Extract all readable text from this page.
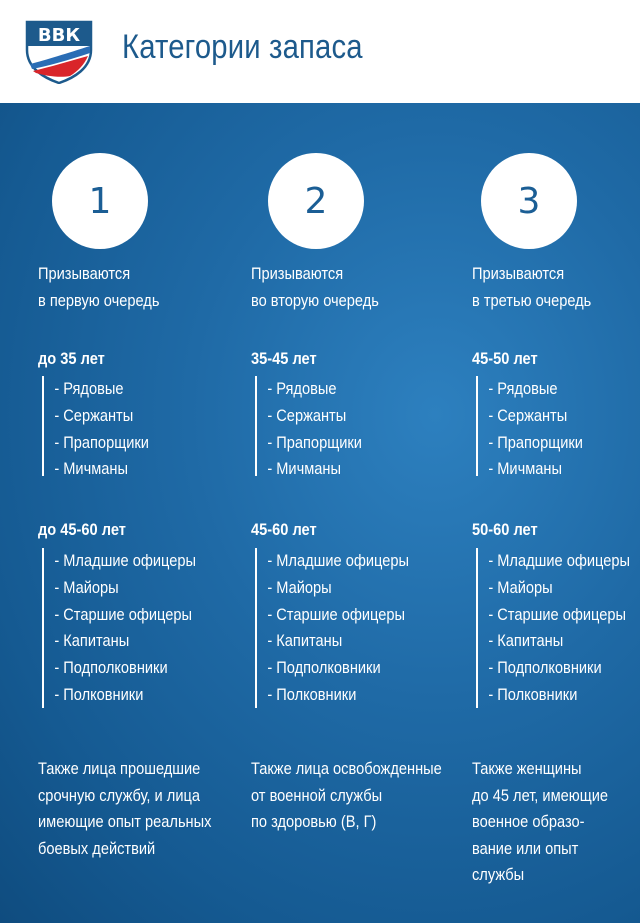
ВВК Категории запаса
1
Призываются
в первую очередь
до 35 лет
- Рядовые
- Сержанты
- Прапорщики
- Мичманы
до 45-60 лет
- Младшие офицеры
- Майоры
- Старшие офицеры
- Капитаны
- Подполковники
- Полковники
Также лица прошедшие
срочную службу, и лица
имеющие опыт реальных
боевых действий
2
Призываются
во вторую очередь
35-45 лет
- Рядовые
- Сержанты
- Прапорщики
- Мичманы
45-60 лет
- Младшие офицеры
- Майоры
- Старшие офицеры
- Капитаны
- Подполковники
- Полковники
Также лица освобожденные
от военной службы
по здоровью (В, Г)
3
Призываются
в третью очередь
45-50 лет
- Рядовые
- Сержанты
- Прапорщики
- Мичманы
50-60 лет
- Младшие офицеры
- Майоры
- Старшие офицеры
- Капитаны
- Подполковники
- Полковники
Также женщины
до 45 лет, имеющие
военное образо-
вание или опыт
службы
